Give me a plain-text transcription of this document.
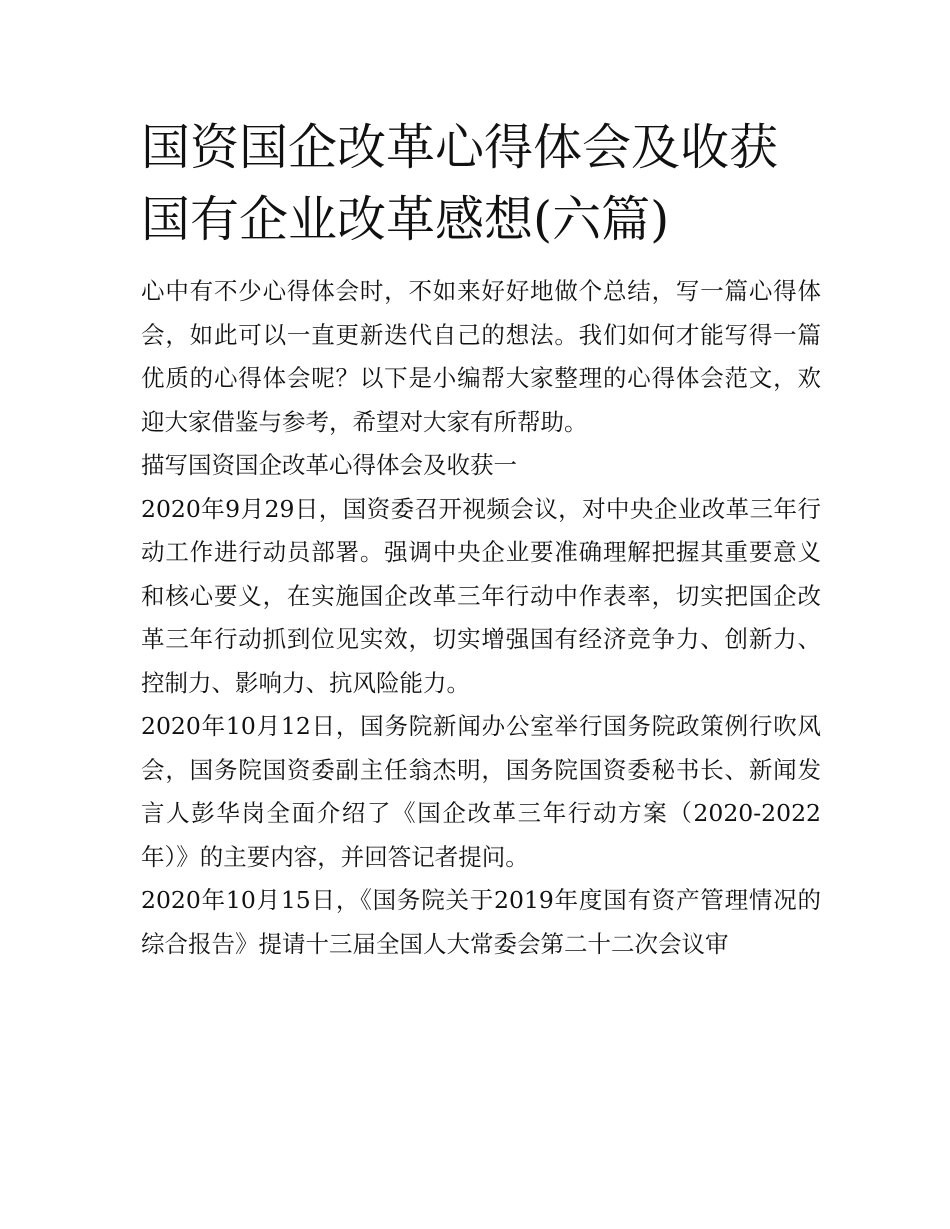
国资国企改革心得体会及收获
国有企业改革感想(六篇)

心中有不少心得体会时，不如来好好地做个总结，写一篇心得体会，如此可以一直更新迭代自己的想法。我们如何才能写得一篇优质的心得体会呢？以下是小编帮大家整理的心得体会范文，欢迎大家借鉴与参考，希望对大家有所帮助。

描写国资国企改革心得体会及收获一

2020年9月29日，国资委召开视频会议，对中央企业改革三年行动工作进行动员部署。强调中央企业要准确理解把握其重要意义和核心要义，在实施国企改革三年行动中作表率，切实把国企改革三年行动抓到位见实效，切实增强国有经济竞争力、创新力、控制力、影响力、抗风险能力。

2020年10月12日，国务院新闻办公室举行国务院政策例行吹风会，国务院国资委副主任翁杰明，国务院国资委秘书长、新闻发言人彭华岗全面介绍了《国企改革三年行动方案（2020-2022年）》的主要内容，并回答记者提问。

2020年10月15日，《国务院关于2019年度国有资产管理情况的综合报告》提请十三届全国人大常委会第二十二次会议审
